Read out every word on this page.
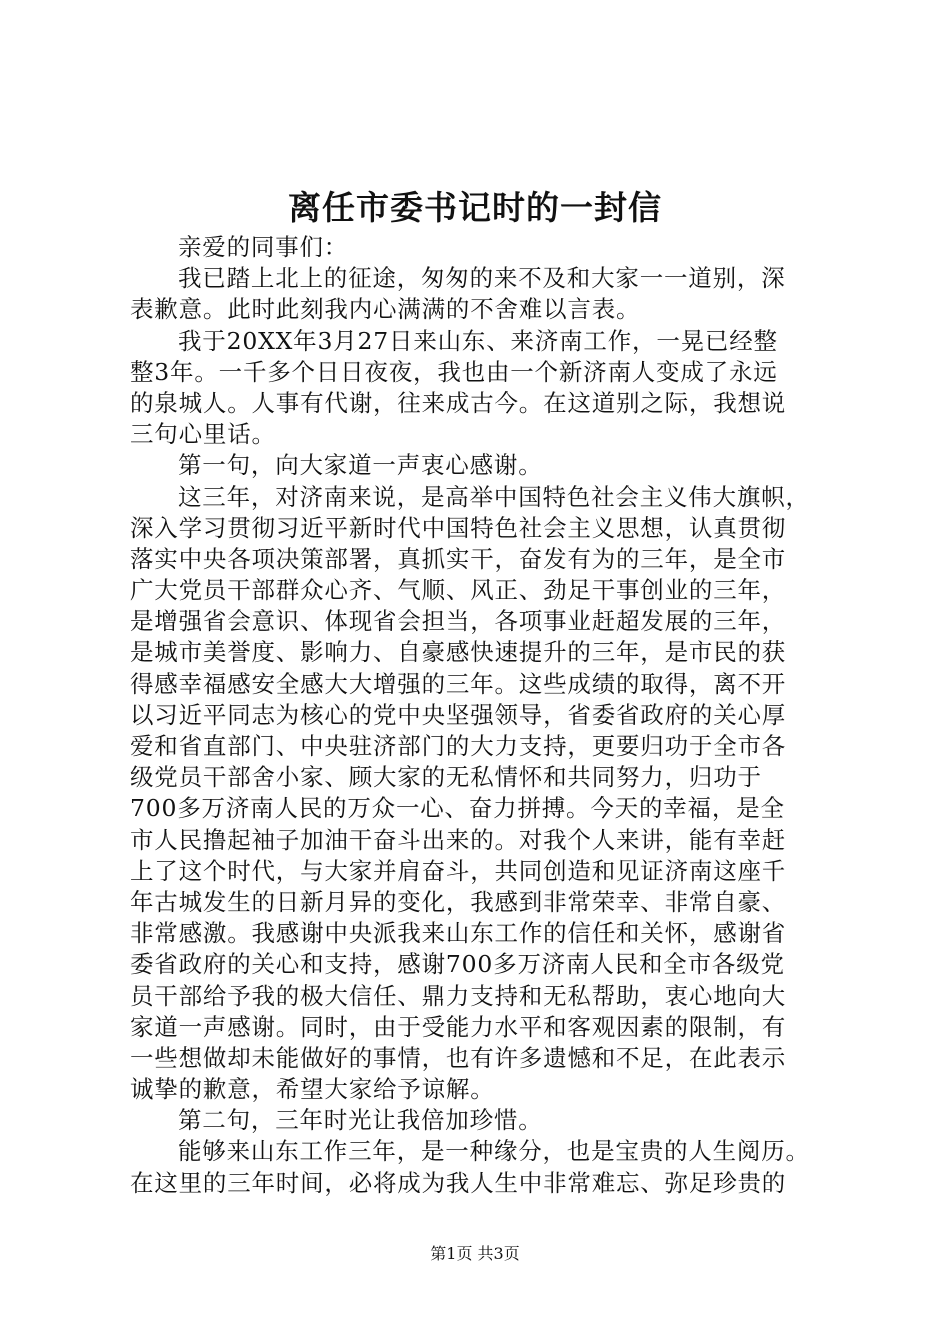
离任市委书记时的一封信
亲爱的同事们：
我已踏上北上的征途，匆匆的来不及和大家一一道别，深
表歉意。此时此刻我内心满满的不舍难以言表。
我于20XX年3月27日来山东、来济南工作，一晃已经整
整3年。一千多个日日夜夜，我也由一个新济南人变成了永远
的泉城人。人事有代谢，往来成古今。在这道别之际，我想说
三句心里话。
第一句，向大家道一声衷心感谢。
这三年，对济南来说，是高举中国特色社会主义伟大旗帜，
深入学习贯彻习近平新时代中国特色社会主义思想，认真贯彻
落实中央各项决策部署，真抓实干，奋发有为的三年，是全市
广大党员干部群众心齐、气顺、风正、劲足干事创业的三年，
是增强省会意识、体现省会担当，各项事业赶超发展的三年，
是城市美誉度、影响力、自豪感快速提升的三年，是市民的获
得感幸福感安全感大大增强的三年。这些成绩的取得，离不开
以习近平同志为核心的党中央坚强领导，省委省政府的关心厚
爱和省直部门、中央驻济部门的大力支持，更要归功于全市各
级党员干部舍小家、顾大家的无私情怀和共同努力，归功于
700多万济南人民的万众一心、奋力拼搏。今天的幸福，是全
市人民撸起袖子加油干奋斗出来的。对我个人来讲，能有幸赶
上了这个时代，与大家并肩奋斗，共同创造和见证济南这座千
年古城发生的日新月异的变化，我感到非常荣幸、非常自豪、
非常感激。我感谢中央派我来山东工作的信任和关怀，感谢省
委省政府的关心和支持，感谢700多万济南人民和全市各级党
员干部给予我的极大信任、鼎力支持和无私帮助，衷心地向大
家道一声感谢。同时，由于受能力水平和客观因素的限制，有
一些想做却未能做好的事情，也有许多遗憾和不足，在此表示
诚挚的歉意，希望大家给予谅解。
第二句，三年时光让我倍加珍惜。
能够来山东工作三年，是一种缘分，也是宝贵的人生阅历。
在这里的三年时间，必将成为我人生中非常难忘、弥足珍贵的
第1页 共3页
